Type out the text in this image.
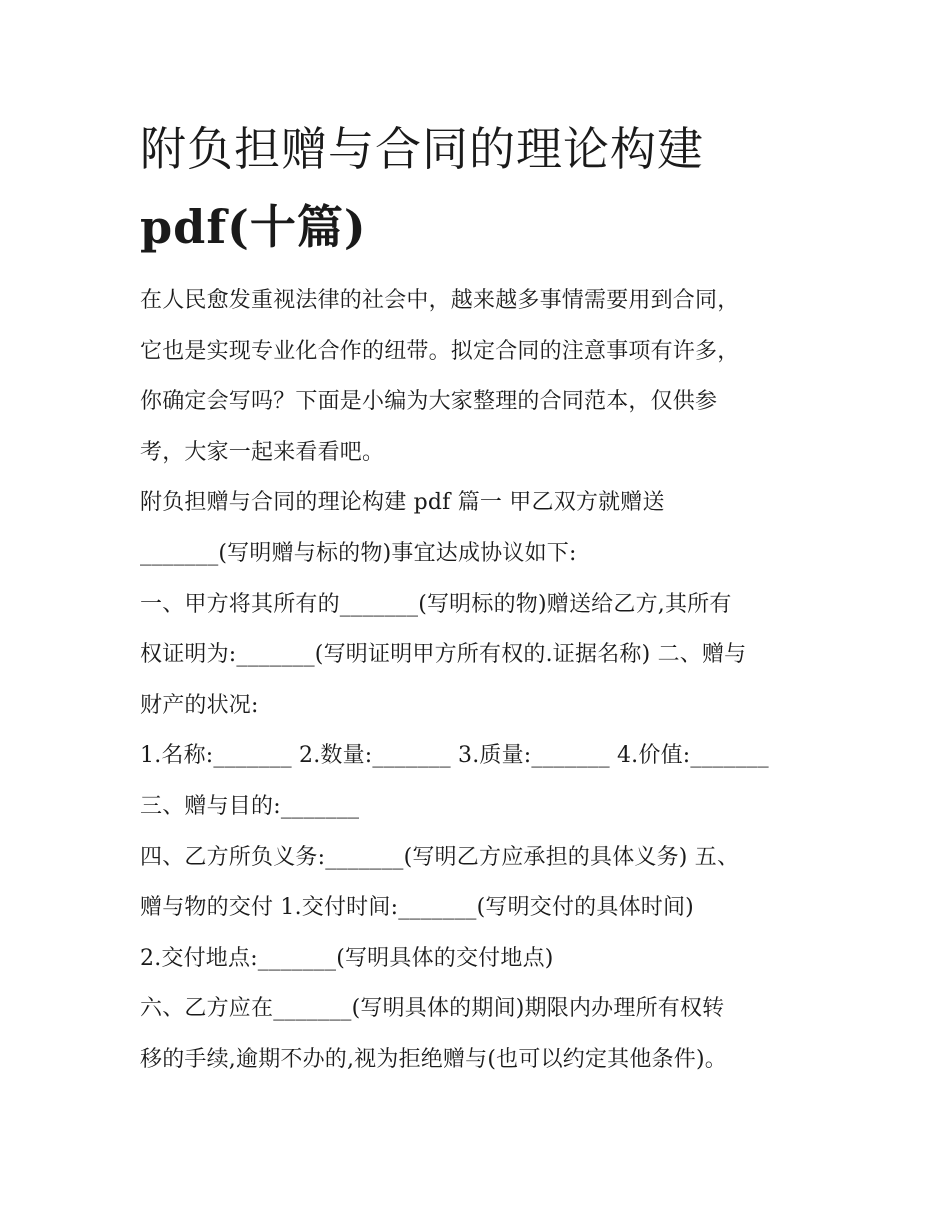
附负担赠与合同的理论构建
pdf(十篇)

在人民愈发重视法律的社会中，越来越多事情需要用到合同，

它也是实现专业化合作的纽带。拟定合同的注意事项有许多，

你确定会写吗？下面是小编为大家整理的合同范本，仅供参

考，大家一起来看看吧。

附负担赠与合同的理论构建 pdf 篇一 甲乙双方就赠送

_______(写明赠与标的物)事宜达成协议如下:

一、甲方将其所有的_______(写明标的物)赠送给乙方,其所有

权证明为:_______(写明证明甲方所有权的.证据名称) 二、赠与

财产的状况:

1.名称:_______ 2.数量:_______ 3.质量:_______ 4.价值:_______

三、赠与目的:_______

四、乙方所负义务:_______(写明乙方应承担的具体义务) 五、

赠与物的交付 1.交付时间:_______(写明交付的具体时间)

2.交付地点:_______(写明具体的交付地点)

六、乙方应在_______(写明具体的期间)期限内办理所有权转

移的手续,逾期不办的,视为拒绝赠与(也可以约定其他条件)。
